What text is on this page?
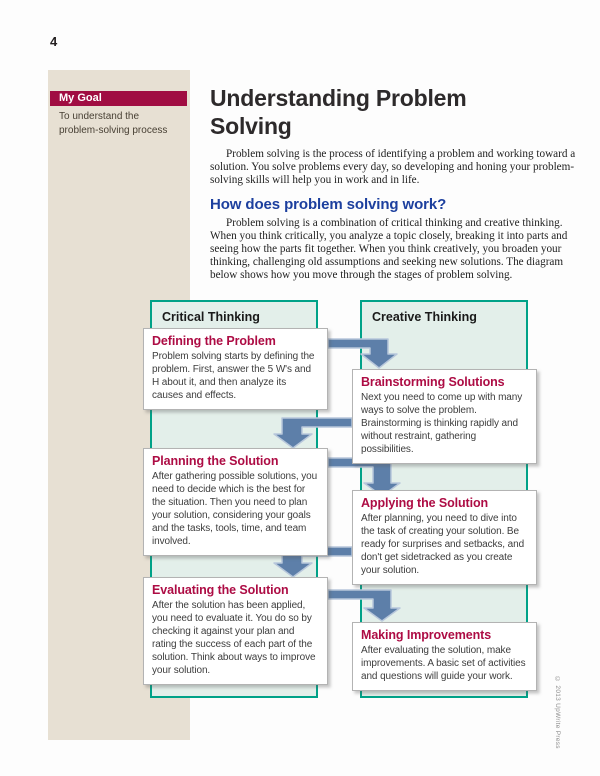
4
My Goal
To understand the problem-solving process
Understanding Problem Solving

Problem solving is the process of identifying a problem and working toward a solution. You solve problems every day, so developing and honing your problem-solving skills will help you in work and in life.

How does problem solving work?

Problem solving is a combination of critical thinking and creative thinking. When you think critically, you analyze a topic closely, breaking it into parts and seeing how the parts fit together. When you think creatively, you broaden your thinking, challenging old assumptions and seeking new solutions. The diagram below shows how you move through the stages of problem solving.

Critical Thinking	Creative Thinking
Defining the Problem
Problem solving starts by defining the problem. First, answer the 5 W's and H about it, and then analyze its causes and effects.
Brainstorming Solutions
Next you need to come up with many ways to solve the problem. Brainstorming is thinking rapidly and without restraint, gathering possibilities.
Planning the Solution
After gathering possible solutions, you need to decide which is the best for the situation. Then you need to plan your solution, considering your goals and the tasks, tools, time, and team involved.
Applying the Solution
After planning, you need to dive into the task of creating your solution. Be ready for surprises and setbacks, and don't get sidetracked as you create your solution.
Evaluating the Solution
After the solution has been applied, you need to evaluate it. You do so by checking it against your plan and rating the success of each part of the solution. Think about ways to improve your solution.
Making Improvements
After evaluating the solution, make improvements. A basic set of activities and questions will guide your work.	© 2013 UpWrite Press
